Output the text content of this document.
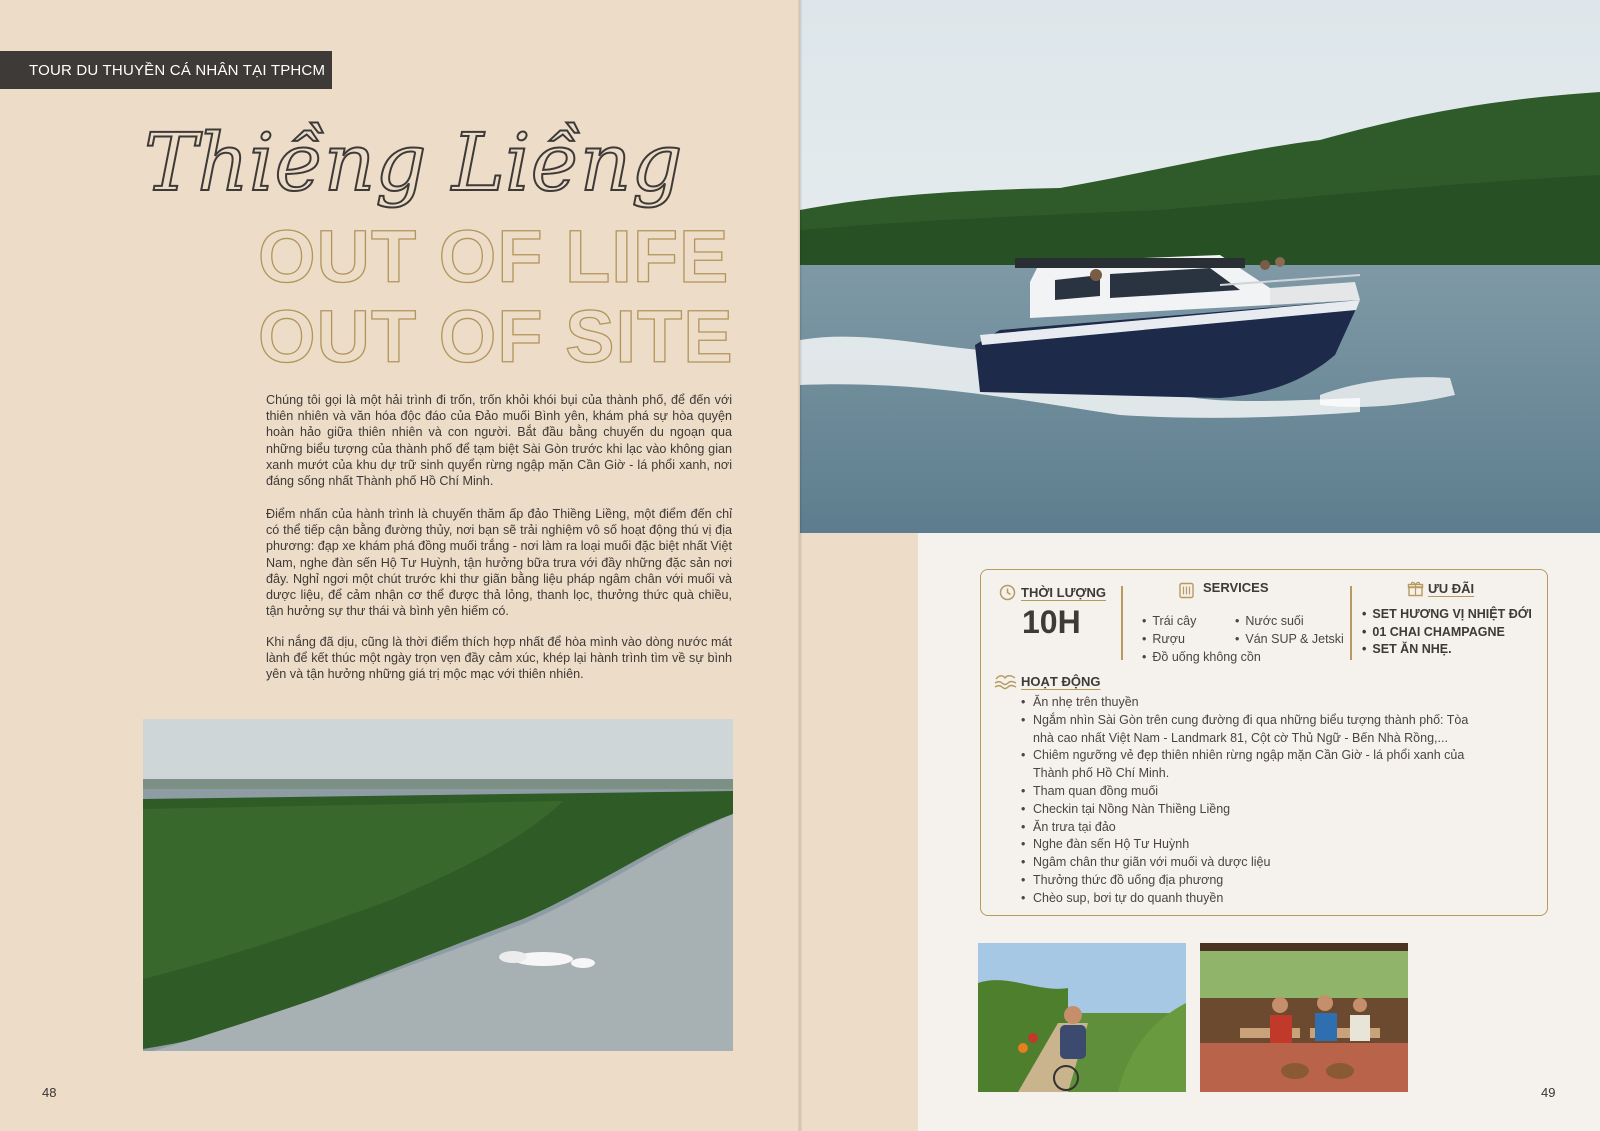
TOUR DU THUYỀN CÁ NHÂN TẠI TPHCM
Thiềng Liềng
OUT OF LIFE
OUT OF SITE

Chúng tôi gọi là một hải trình đi trốn, trốn khỏi khói bụi của thành phố, để đến với thiên nhiên và văn hóa độc đáo của Đảo muối Bình yên, khám phá sự hòa quyện hoàn hảo giữa thiên nhiên và con người. Bắt đầu bằng chuyến du ngoạn qua những biểu tượng của thành phố để tạm biệt Sài Gòn trước khi lạc vào không gian xanh mướt của khu dự trữ sinh quyển rừng ngập mặn Cần Giờ - lá phổi xanh, nơi đáng sống nhất Thành phố Hồ Chí Minh.

Điểm nhấn của hành trình là chuyến thăm ấp đảo Thiềng Liềng, một điểm đến chỉ có thể tiếp cận bằng đường thủy, nơi bạn sẽ trải nghiệm vô số hoạt động thú vị địa phương: đạp xe khám phá đồng muối trắng - nơi làm ra loại muối đặc biệt nhất Việt Nam, nghe đàn sến Hộ Tư Huỳnh, tận hưởng bữa trưa với đầy những đặc sản nơi đây. Nghỉ ngơi một chút trước khi thư giãn bằng liệu pháp ngâm chân với muối và dược liệu, để cảm nhận cơ thể được thả lỏng, thanh lọc, thưởng thức quà chiều, tận hưởng sự thư thái và bình yên hiếm có.

Khi nắng đã dịu, cũng là thời điểm thích hợp nhất để hòa mình vào dòng nước mát lành để kết thúc một ngày trọn vẹn đầy cảm xúc, khép lại hành trình tìm về sự bình yên và tận hưởng những giá trị mộc mạc với thiên nhiên.

48	49
THỜI LƯỢNG
10H
SERVICES
• Trái cây
• Rượu
• Nước suối
• Ván SUP & Jetski
• Đồ uống không cồn
ƯU ĐÃI
• SET HƯƠNG VỊ NHIỆT ĐỚI
• 01 CHAI CHAMPAGNE
• SET ĂN NHẸ.
HOẠT ĐỘNG
• Ăn nhẹ trên thuyền
• Ngắm nhìn Sài Gòn trên cung đường đi qua những biểu tượng thành phố: Tòa nhà cao nhất Việt Nam - Landmark 81, Cột cờ Thủ Ngữ - Bến Nhà Rồng,...
• Chiêm ngưỡng vẻ đẹp thiên nhiên rừng ngập mặn Cần Giờ - lá phổi xanh của Thành phố Hồ Chí Minh.
• Tham quan đồng muối
• Checkin tại Nồng Nàn Thiềng Liềng
• Ăn trưa tại đảo
• Nghe đàn sến Hộ Tư Huỳnh
• Ngâm chân thư giãn với muối và dược liệu
• Thưởng thức đồ uống địa phương
• Chèo sup, bơi tự do quanh thuyền
